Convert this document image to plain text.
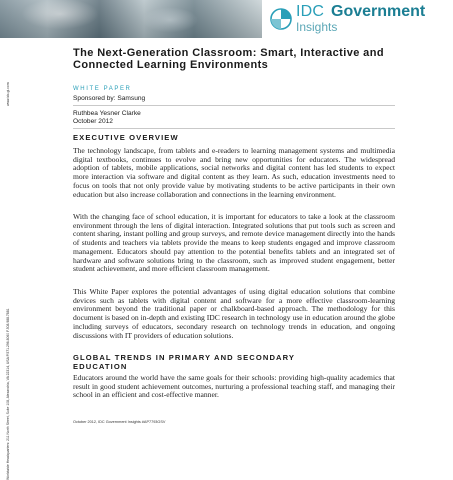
IDC Government
Insights
Worldwide Headquarters: 211 North Street, Suite 108, Alexandria, VA 22314, USA P.571.296.8060 F.508.988.7881
www.idc-gi.com
The Next-Generation Classroom: Smart, Interactive and Connected Learning Environments
WHITE PAPER
Sponsored by: Samsung
Ruthbea Yesner Clarke
October 2012
EXECUTIVE OVERVIEW

The technology landscape, from tablets and e-readers to learning management systems and multimedia digital textbooks, continues to evolve and bring new opportunities for educators. The widespread adoption of tablets, mobile applications, social networks and digital content has led students to expect more interaction via software and digital content as they learn. As such, education investments need to focus on tools that not only provide value by motivating students to be active participants in their own education but also increase collaboration and connections in the learning environment.

With the changing face of school education, it is important for educators to take a look at the classroom environment through the lens of digital interaction. Integrated solutions that put tools such as screen and content sharing, instant polling and group surveys, and remote device management directly into the hands of students and teachers via tablets provide the means to keep students engaged and improve classroom management. Educators should pay attention to the potential benefits tablets and an integrated set of hardware and software solutions bring to the classroom, such as improved student engagement, better student achievement, and more efficient classroom management.

This White Paper explores the potential advantages of using digital education solutions that combine devices such as tablets with digital content and software for a more effective classroom-learning environment beyond the traditional paper or chalkboard-based approach. The methodology for this document is based on in-depth and existing IDC research in technology use in education around the globe including surveys of educators, secondary research on technology trends in education, and ongoing discussions with IT providers of education solutions.

GLOBAL TRENDS IN PRIMARY AND SECONDARY EDUCATION

Educators around the world have the same goals for their schools: providing high-quality academics that result in good student achievement outcomes, nurturing a professional teaching staff, and managing their school in an efficient and cost-effective manner.

October 2012, IDC Government Insights #AP7793GSV
